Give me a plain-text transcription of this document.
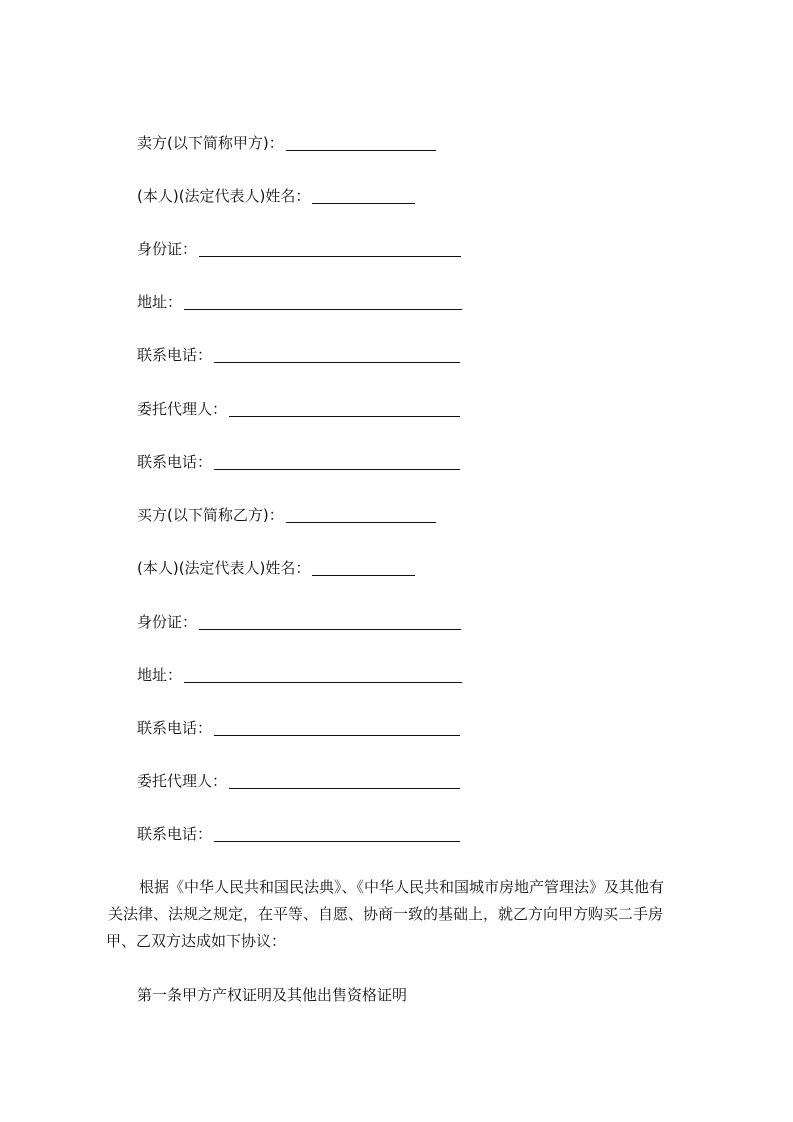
卖方(以下简称甲方)：
(本人)(法定代表人)姓名：
身份证：
地址：
联系电话：
委托代理人：
联系电话：
买方(以下简称乙方)：
(本人)(法定代表人)姓名：
身份证：
地址：
联系电话：
委托代理人：
联系电话：
根据《中华人民共和国民法典》、《中华人民共和国城市房地产管理法》及其他有
关法律、法规之规定，在平等、自愿、协商一致的基础上，就乙方向甲方购买二手房
甲、乙双方达成如下协议：
第一条甲方产权证明及其他出售资格证明
